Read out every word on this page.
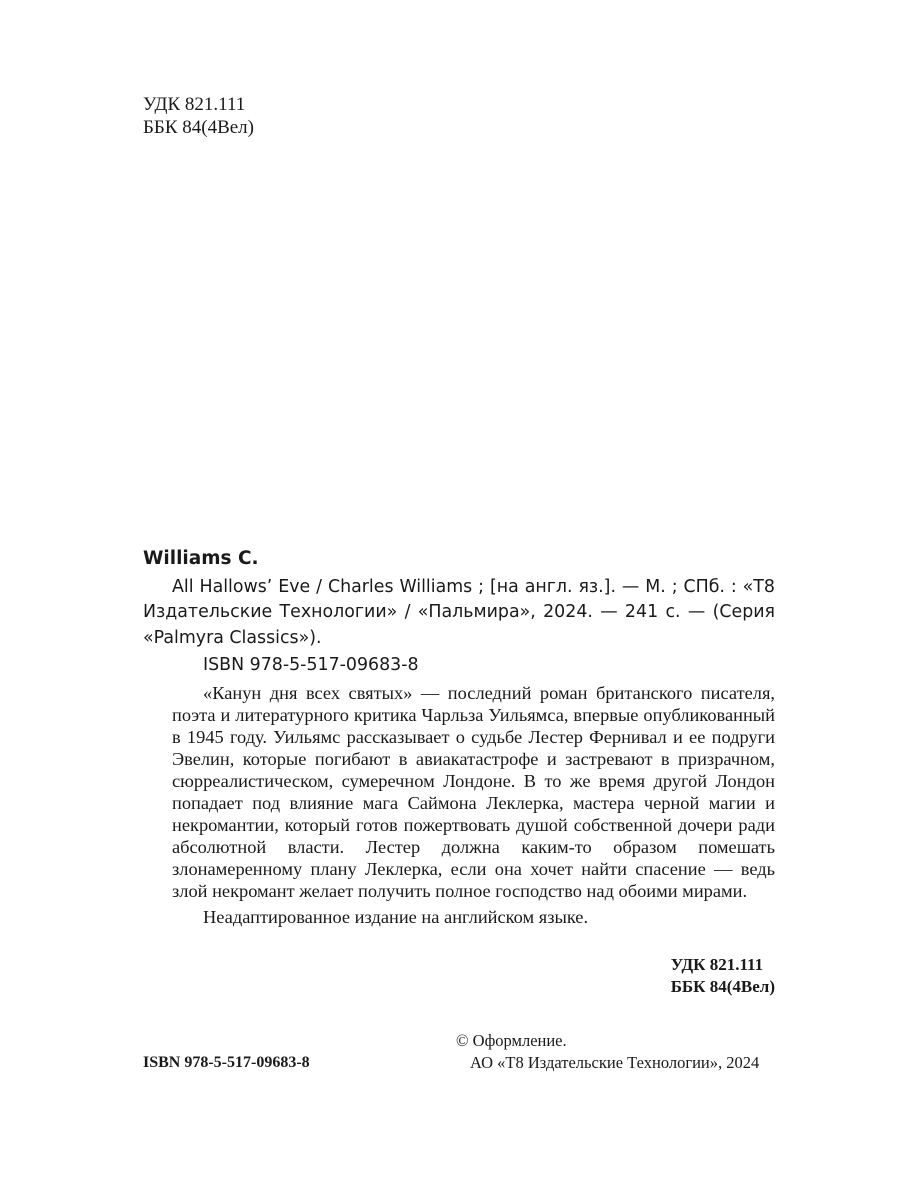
УДК 821.111
ББК 84(4Вел)
Williams C.

All Hallows’ Eve / Charles Williams ; [на англ. яз.]. — М. ; СПб. : «Т8 Издательские Технологии» / «Пальмира», 2024. — 241 с. — (Серия «Palmyra Classics»).

ISBN 978-5-517-09683-8

«Канун дня всех святых» — последний роман британского писателя, поэта и литературного критика Чарльза Уильямса, впервые опубликованный в 1945 году. Уильямс рассказывает о судьбе Лестер Фернивал и ее подруги Эвелин, которые погибают в авиакатастрофе и застревают в призрачном, сюрреалистическом, сумеречном Лондоне. В то же время другой Лондон попадает под влияние мага Саймона Леклерка, мастера черной магии и некромантии, который готов пожертвовать душой собственной дочери ради абсолютной власти. Лестер должна каким-то образом помешать злонамеренному плану Леклерка, если она хочет найти спасение — ведь злой некромант желает получить полное господство над обоими мирами.

Неадаптированное издание на английском языке.
УДК 821.111
ББК 84(4Вел)
ISBN 978-5-517-09683-8
© Оформление.
АО «Т8 Издательские Технологии», 2024
